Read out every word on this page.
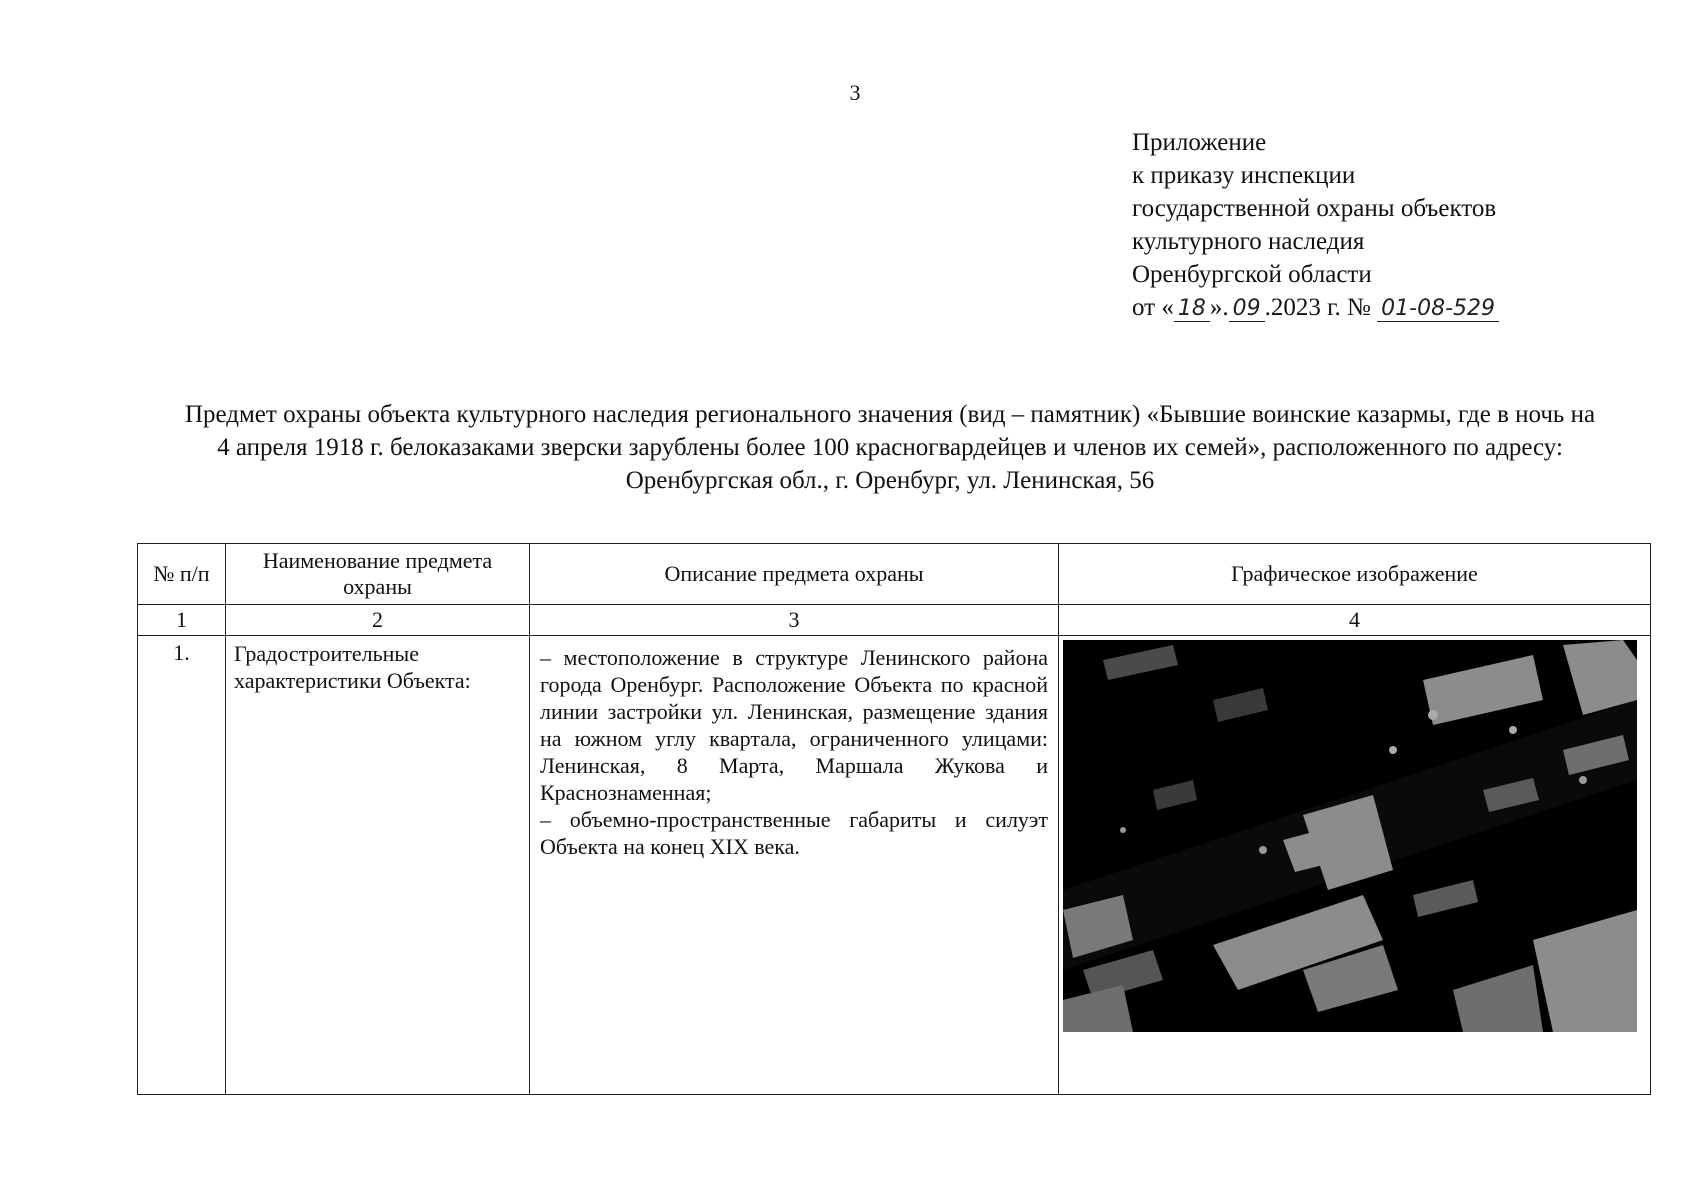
3
Приложение
к приказу инспекции
государственной охраны объектов
культурного наследия
Оренбургской области
от « 18 ». 09 .2023 г. № 01-08-529
Предмет охраны объекта культурного наследия регионального значения (вид – памятник) «Бывшие воинские казармы, где в ночь на 4 апреля 1918 г. белоказаками зверски зарублены более 100 красногвардейцев и членов их семей», расположенного по адресу: Оренбургская обл., г. Оренбург, ул. Ленинская, 56
№ п/п	Наименование предмета охраны	Описание предмета охраны	Графическое изображение
1	2	3	4
1.	Градостроительные характеристики Объекта:	– местоположение в структуре Ленинского района города Оренбург. Расположение Объекта по красной линии застройки ул. Ленинская, размещение здания на южном углу квартала, ограниченного улицами: Ленинская, 8 Марта, Маршала Жукова и Краснознаменная;

– объемно-пространственные габариты и силуэт Объекта на конец XIX века.
